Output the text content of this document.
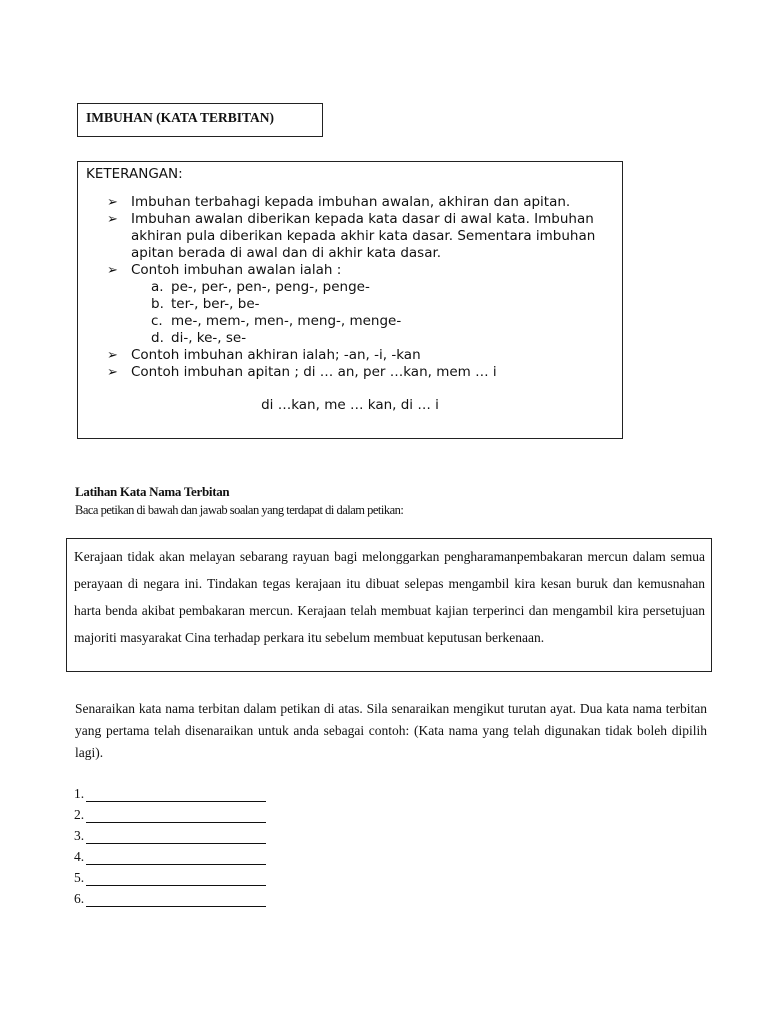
IMBUHAN (KATA TERBITAN)
KETERANGAN:
➢ Imbuhan terbahagi kepada imbuhan awalan, akhiran dan apitan.
➢ Imbuhan awalan diberikan kepada kata dasar di awal kata. Imbuhan akhiran pula diberikan kepada akhir kata dasar. Sementara imbuhan apitan berada di awal dan di akhir kata dasar.
➢ Contoh imbuhan awalan ialah :
a. pe-, per-, pen-, peng-, penge-
b. ter-, ber-, be-
c. me-, mem-, men-, meng-, menge-
d. di-, ke-, se-
➢ Contoh imbuhan akhiran ialah; -an, -i, -kan
➢ Contoh imbuhan apitan ; di … an, per …kan, mem … i
di …kan, me … kan, di … i
Latihan Kata Nama Terbitan
Baca petikan di bawah dan jawab soalan yang terdapat di dalam petikan:
Kerajaan tidak akan melayan sebarang rayuan bagi melonggarkan pengharamanpembakaran mercun dalam semua perayaan di negara ini. Tindakan tegas kerajaan itu dibuat selepas mengambil kira kesan buruk dan kemusnahan harta benda akibat pembakaran mercun. Kerajaan telah membuat kajian terperinci dan mengambil kira persetujuan majoriti masyarakat Cina terhadap perkara itu sebelum membuat keputusan berkenaan.
Senaraikan kata nama terbitan dalam petikan di atas. Sila senaraikan mengikut turutan ayat. Dua kata nama terbitan yang pertama telah disenaraikan untuk anda sebagai contoh: (Kata nama yang telah digunakan tidak boleh dipilih lagi).
1.
2.
3.
4.
5.
6.
